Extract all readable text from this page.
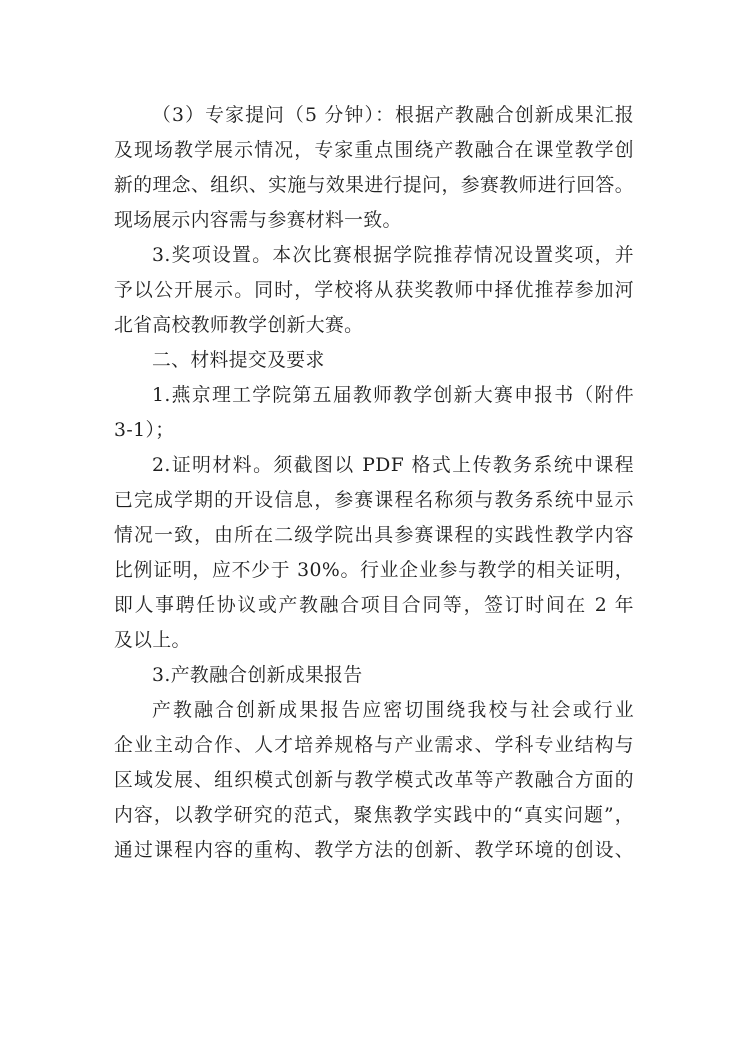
（3）专家提问（5 分钟）：根据产教融合创新成果汇报
及现场教学展示情况，专家重点围绕产教融合在课堂教学创
新的理念、组织、实施与效果进行提问，参赛教师进行回答。
现场展示内容需与参赛材料一致。
3.奖项设置。本次比赛根据学院推荐情况设置奖项，并
予以公开展示。同时，学校将从获奖教师中择优推荐参加河
北省高校教师教学创新大赛。
二、材料提交及要求
1.燕京理工学院第五届教师教学创新大赛申报书（附件
3-1）；
2.证明材料。须截图以 PDF 格式上传教务系统中课程
已完成学期的开设信息，参赛课程名称须与教务系统中显示
情况一致，由所在二级学院出具参赛课程的实践性教学内容
比例证明，应不少于 30%。行业企业参与教学的相关证明，
即人事聘任协议或产教融合项目合同等，签订时间在 2 年
及以上。
3.产教融合创新成果报告
产教融合创新成果报告应密切围绕我校与社会或行业
企业主动合作、人才培养规格与产业需求、学科专业结构与
区域发展、组织模式创新与教学模式改革等产教融合方面的
内容，以教学研究的范式，聚焦教学实践中的“真实问题”，
通过课程内容的重构、教学方法的创新、教学环境的创设、
